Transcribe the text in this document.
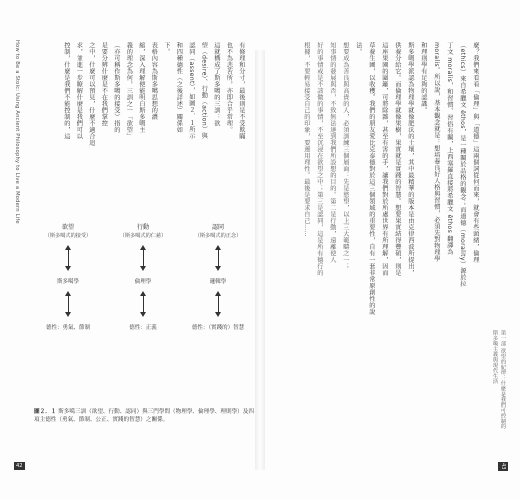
How to Be a Stoic: Using Ancient Philosophy to Live a Modern Life
42
有條理和分寸，最後則是不受欺瞞
也不為悲苦所，亦即合乎常理。
這就構成了斯多噶的三訓：欲
望（desire）、行動（action）與
認同（assent），如圖２．１所示
和四種德性（之後詳述）關係如
下。
表格內容為斯多噶思想的濃
縮，深入理解便能明白斯多噶主
義的理念為何，三訓之一「欲望」
（亦可稱作斯多噶的接受）指的
是要分辨什麼是不在我們掌控
之中，什麼可以預見，什麼不適合追
求，並進一步瞭解什麼是我們可以
控制，什麼是我們不能控制的，這
欲望
（斯多噶式的接受）
斯多噶學
德性：勇氣、節制
行動
（斯多噶式的仁慈）
倫理學
德性：正義
認同
（斯多噶式的正念）
邏輯學
德性：（實踐的）智慧
圖２．１ 斯多噶三訓（欲望、行動、認同）與三門學問（物理學、倫理學、理則學）及四項主德性（勇氣、節制、公正、實踐的智慧）之關係。
麼？我們來看看「倫理」與「道德」這兩個詞從何而來，就會有些頭緒，倫理
（ethics）來自希臘文 êthos，是一種關於品格的觀念；而道德（morality）源於拉
丁文 moralis，和習慣、習俗有關，上西塞羅直接將希臘文 êthos 翻譯為
moralis。所以說，基本觀念就是：想培養良好人格與習慣，必須先對物理學
和理則學有足夠的認識。
斯多噶學派認為物理學就像肥沃的土壤，其中最精華的版本是由克律西波所提出，
供養分給它。而倫理學就像果樹，果實就是實踐的智慧。想要果實結得豐碩，則是
這座果園的圍籬，可將除雜，甚至有害的手，讓我們對於所處世界有所理解，因而
草養生圃，以收穫。我們的朋友愛比克泰德對於這三個領域的重要性，自有一套非常原創性的說
法。
想要成為善良與高貴的人，必須訓練三個層面：先是慾望，以上三大範疇之一；
知事情的發展與否，不致無法達到我們所設想的目的。第二是行動，遠離使人
好的事情或是不該做的事情，不至沉浸在欲望之中；第三是認同，這是所有德行的
根據，不要輕易接受自己的印象，要運用理性。最後是要求自己……
第一部 欲望的紀律：什麼是我們可控制的
斯多噶主義與現代生活
43
